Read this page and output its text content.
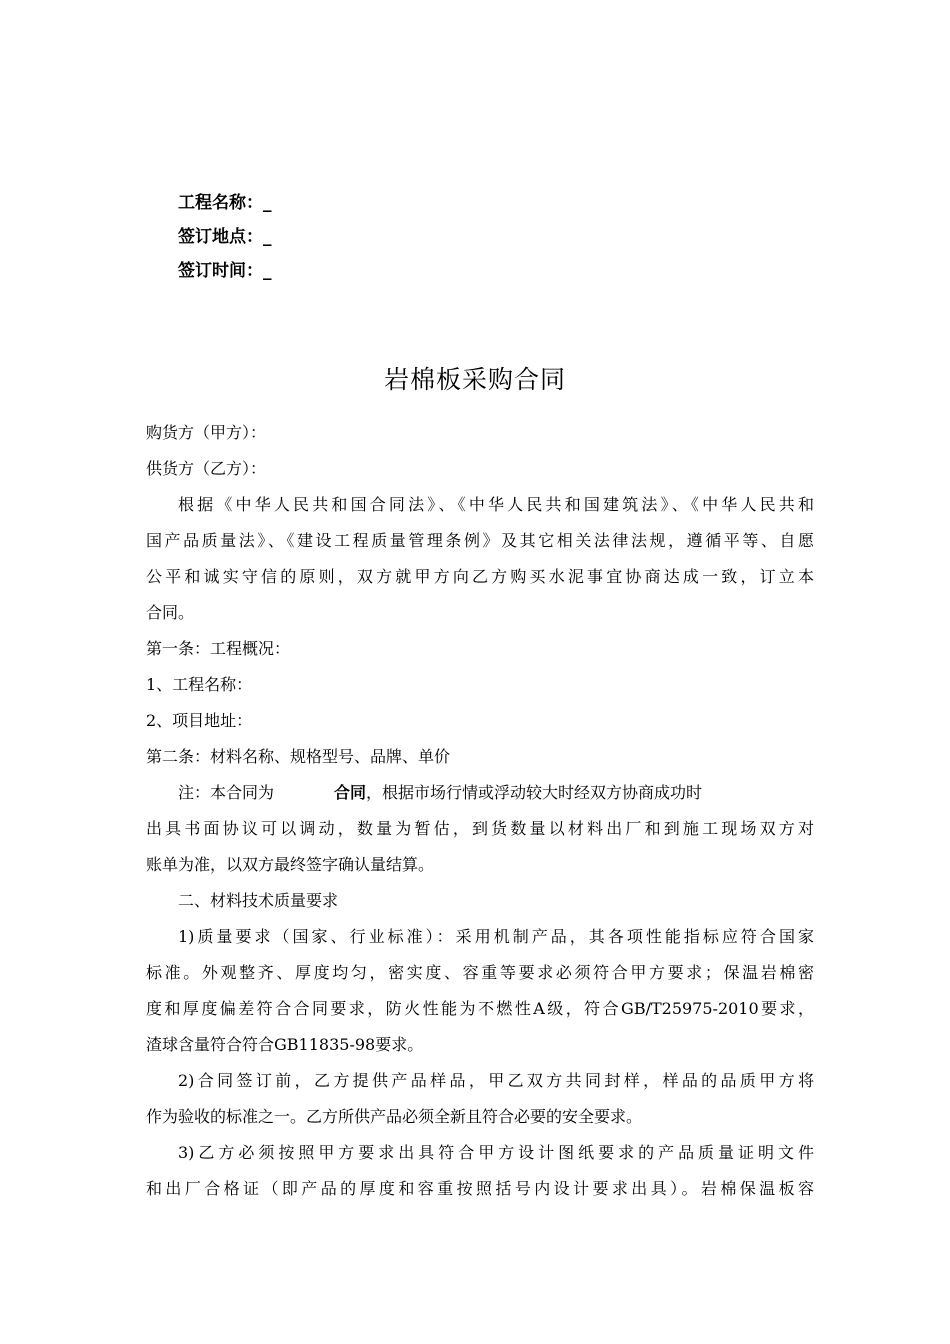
工程名称：_
签订地点：_
签订时间：_
岩棉板采购合同
购货方（甲方）：
供货方（乙方）：
根据《中华人民共和国合同法》、《中华人民共和国建筑法》、《中华人民共和
国产品质量法》、《建设工程质量管理条例》及其它相关法律法规，遵循平等、自愿
公平和诚实守信的原则，双方就甲方向乙方购买水泥事宜协商达成一致，订立本
合同。
第一条：工程概况：
1、工程名称：
2、项目地址：
第二条：材料名称、规格型号、品牌、单价
注：本合同为	合同，根据市场行情或浮动较大时经双方协商成功时
出具书面协议可以调动，数量为暂估，到货数量以材料出厂和到施工现场双方对
账单为准，以双方最终签字确认量结算。
二、材料技术质量要求
1)质量要求（国家、行业标准）：采用机制产品，其各项性能指标应符合国家
标准。外观整齐、厚度均匀，密实度、容重等要求必须符合甲方要求；保温岩棉密
度和厚度偏差符合合同要求，防火性能为不燃性A级，符合GB/T25975-2010要求，
渣球含量符合符合GB11835-98要求。
2)合同签订前，乙方提供产品样品，甲乙双方共同封样，样品的品质甲方将
作为验收的标准之一。乙方所供产品必须全新且符合必要的安全要求。
3)乙方必须按照甲方要求出具符合甲方设计图纸要求的产品质量证明文件
和出厂合格证（即产品的厚度和容重按照括号内设计要求出具）。岩棉保温板容
